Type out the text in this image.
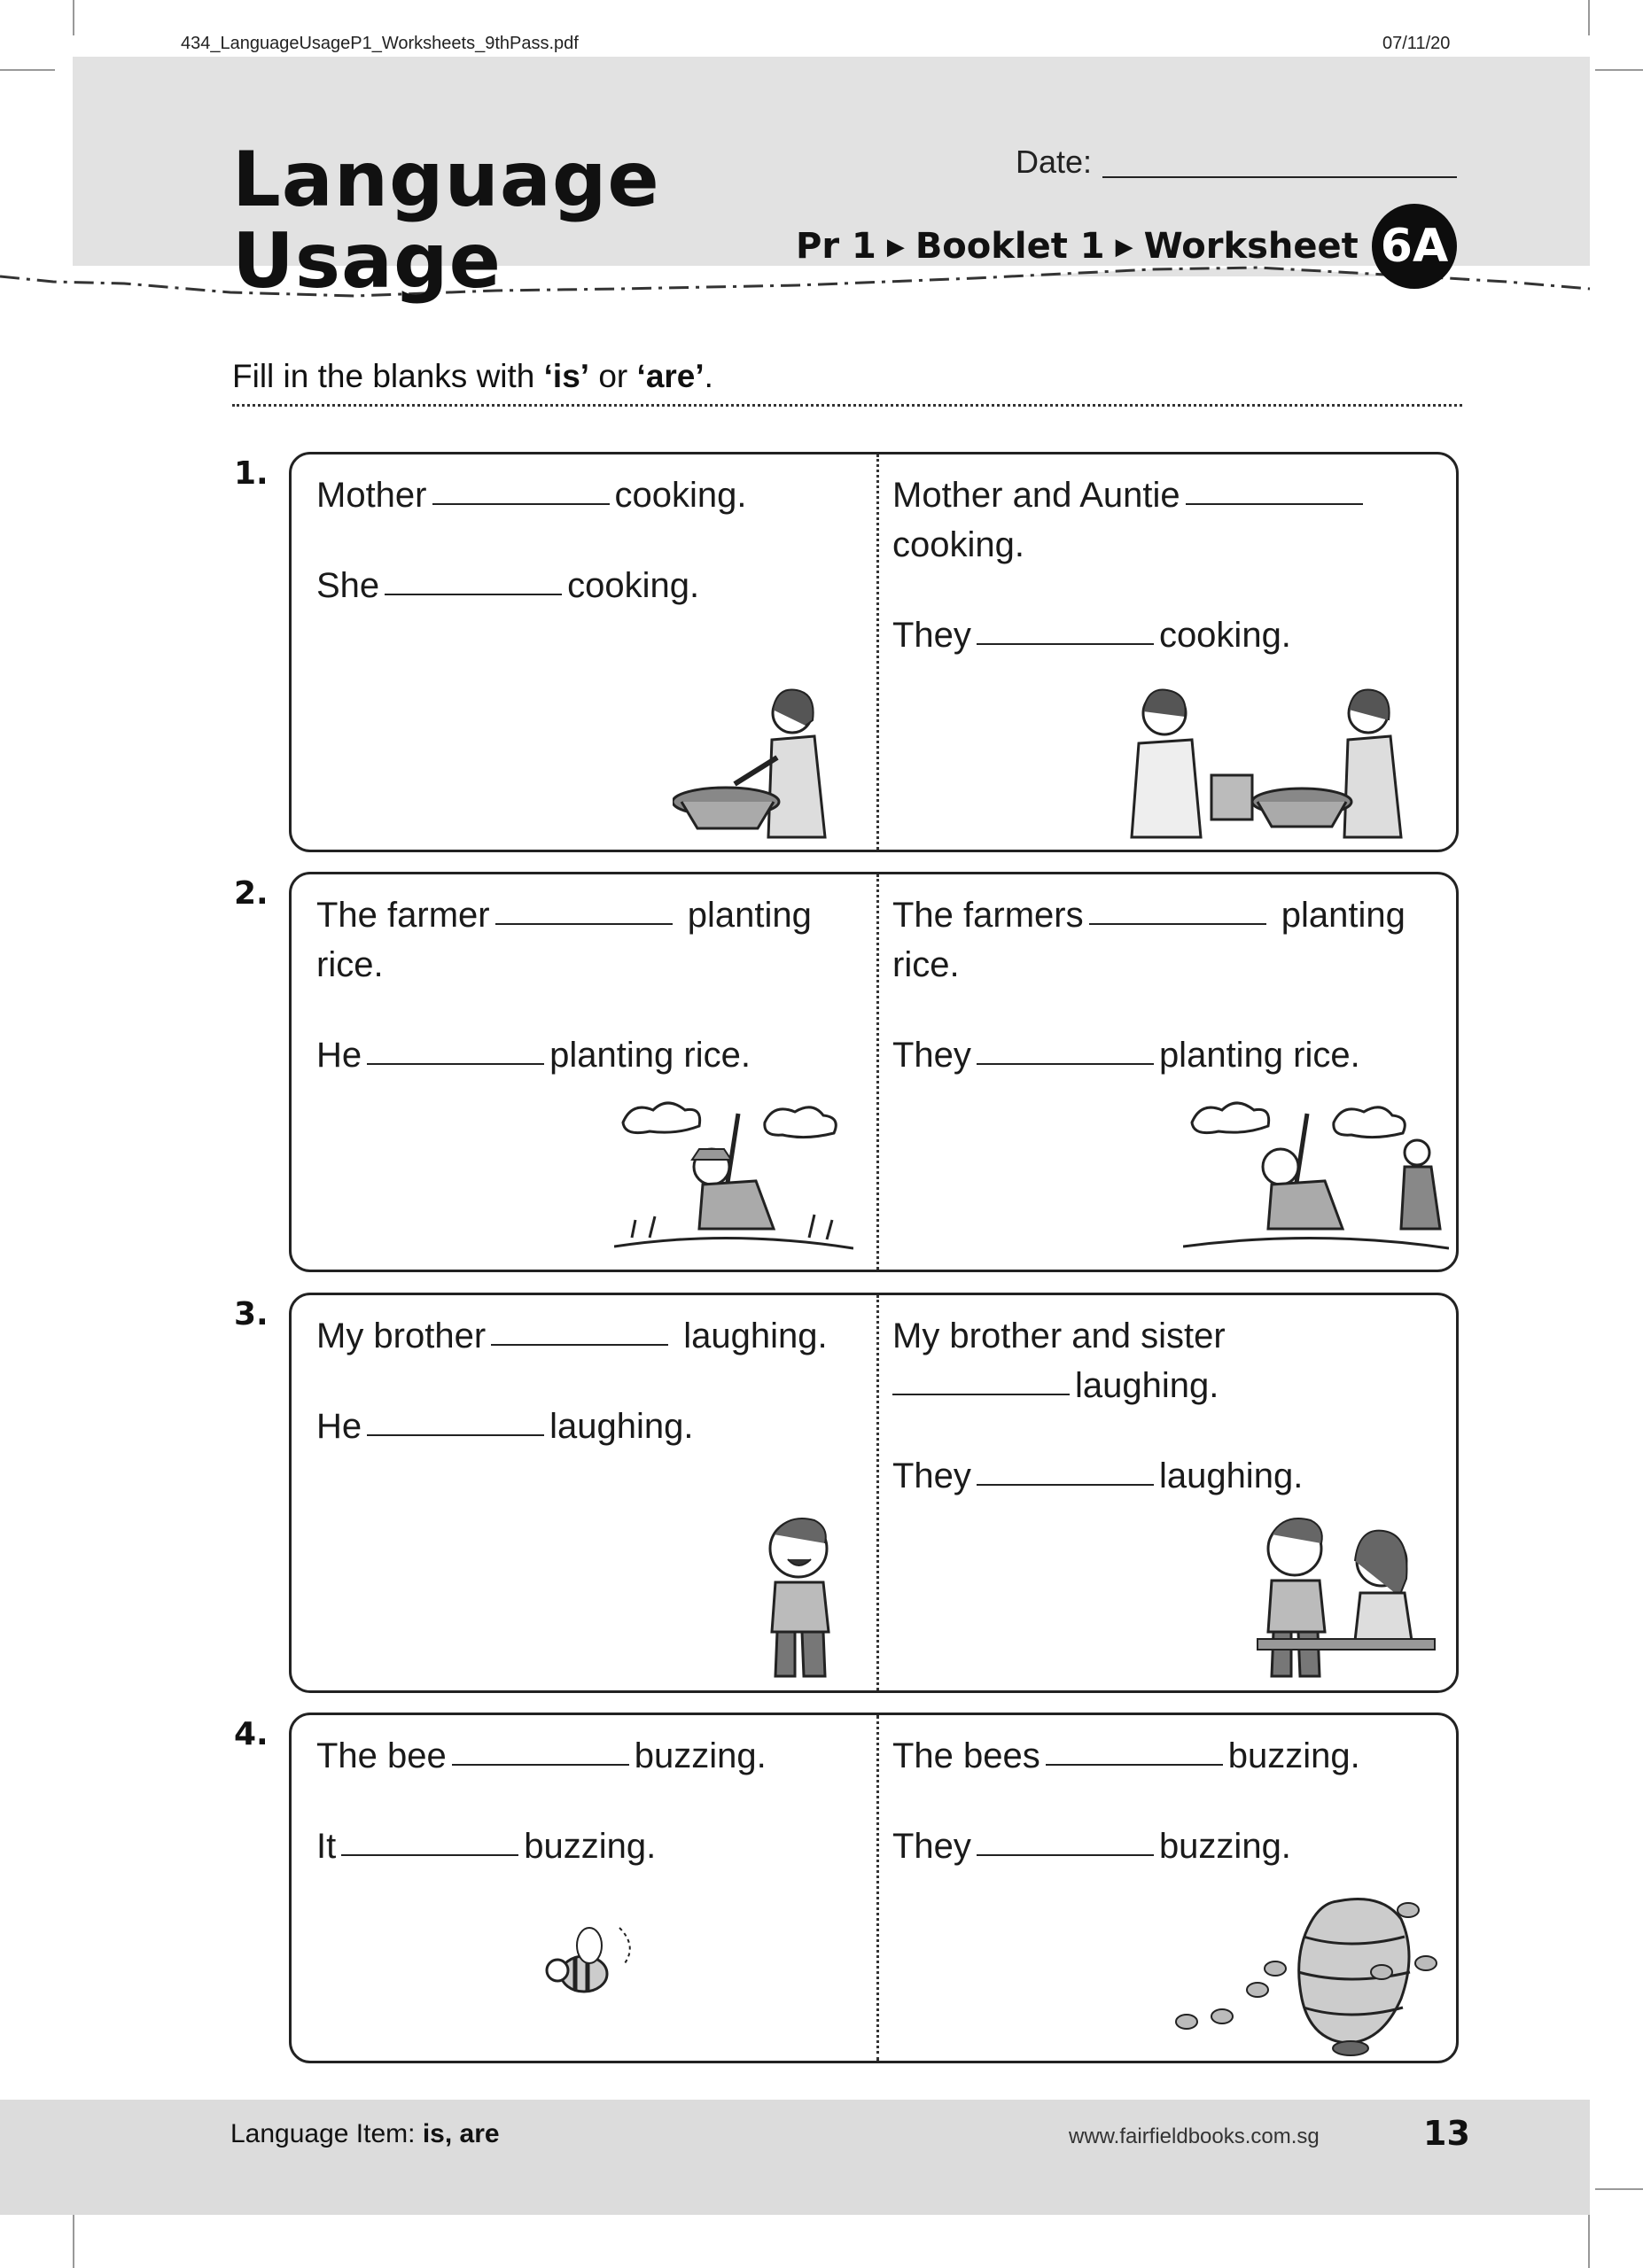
434_LanguageUsageP1_Worksheets_9thPass.pdf	07/11/20
Language
Usage
Date:
Pr 1 ▶ Booklet 1 ▶ Worksheet 6A
Fill in the blanks with ‘is’ or ‘are’.
1.
Mother	cooking.
She	cooking.
Mother and Auntie cooking.
They	cooking.
2.
The farmer	planting rice.
He	planting rice.
The farmers	planting rice.
They	planting rice.
3.
My brother	laughing.
He	laughing.
My brother and sister
laughing.
They	laughing.
4.
The bee	buzzing.
It	buzzing.
The bees	buzzing.
They	buzzing.
Language Item: is, are	www.fairfieldbooks.com.sg	13
